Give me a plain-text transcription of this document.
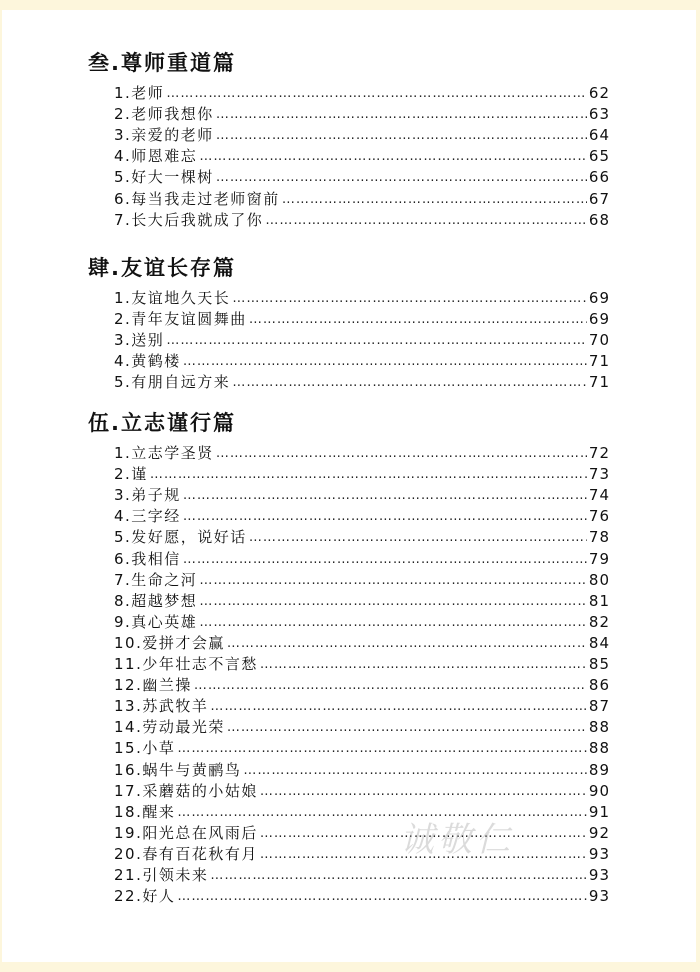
叁.尊师重道篇
1.老师 …………………………………………………………………………………………………………	62
2.老师我想你 …………………………………………………………………………………………………………	63
3.亲爱的老师 …………………………………………………………………………………………………………	64
4.师恩难忘 …………………………………………………………………………………………………………	65
5.好大一棵树 …………………………………………………………………………………………………………	66
6.每当我走过老师窗前 …………………………………………………………………………………………………………	67
7.长大后我就成了你 …………………………………………………………………………………………………………	68
肆.友谊长存篇
1.友谊地久天长 …………………………………………………………………………………………………………	69
2.青年友谊圆舞曲 …………………………………………………………………………………………………………	69
3.送别 …………………………………………………………………………………………………………	70
4.黄鹤楼 …………………………………………………………………………………………………………	71
5.有朋自远方来 …………………………………………………………………………………………………………	71
伍.立志谨行篇
1.立志学圣贤 …………………………………………………………………………………………………………	72
2.谨 …………………………………………………………………………………………………………	73
3.弟子规 …………………………………………………………………………………………………………	74
4.三字经 …………………………………………………………………………………………………………	76
5.发好愿，说好话 …………………………………………………………………………………………………………	78
6.我相信 …………………………………………………………………………………………………………	79
7.生命之河 …………………………………………………………………………………………………………	80
8.超越梦想 …………………………………………………………………………………………………………	81
9.真心英雄 …………………………………………………………………………………………………………	82
10.爱拼才会赢 …………………………………………………………………………………………………………	84
11.少年壮志不言愁 …………………………………………………………………………………………………………	85
12.幽兰操 …………………………………………………………………………………………………………	86
13.苏武牧羊 …………………………………………………………………………………………………………	87
14.劳动最光荣 …………………………………………………………………………………………………………	88
15.小草 …………………………………………………………………………………………………………	88
16.蜗牛与黄鹂鸟 …………………………………………………………………………………………………………	89
17.采蘑菇的小姑娘 …………………………………………………………………………………………………………	90
18.醒来 …………………………………………………………………………………………………………	91
19.阳光总在风雨后 …………………………………………………………………………………………………………	92
20.春有百花秋有月 …………………………………………………………………………………………………………	93
21.引领未来 …………………………………………………………………………………………………………	93
22.好人 …………………………………………………………………………………………………………	93
诚敬仁
